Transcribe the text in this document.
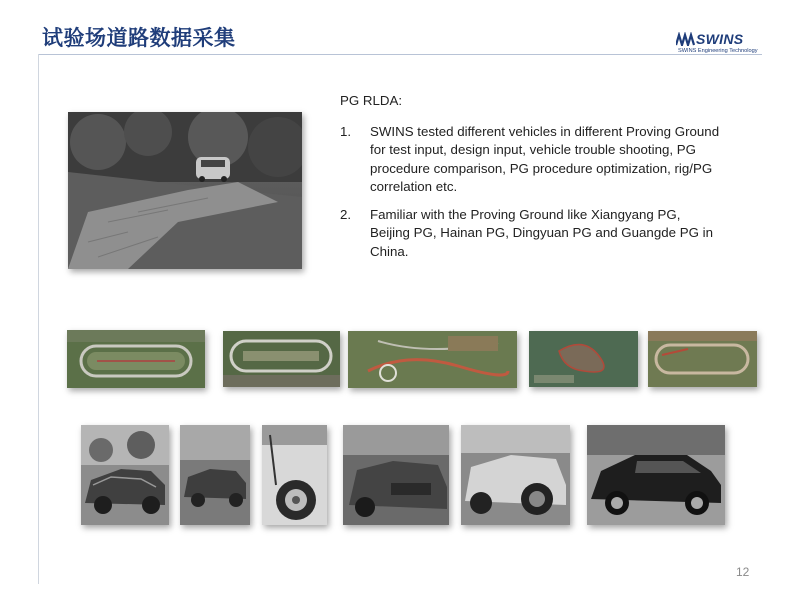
试验场道路数据采集	SWINS
SWINS Engineering Technology
PG RLDA:
1. SWINS tested different vehicles in different Proving Ground for test input, design input, vehicle trouble shooting, PG procedure comparison, PG procedure optimization, rig/PG correlation etc.
2. Familiar with the Proving Ground like Xiangyang PG, Beijing PG, Hainan PG, Dingyuan PG and Guangde PG in China.
12
